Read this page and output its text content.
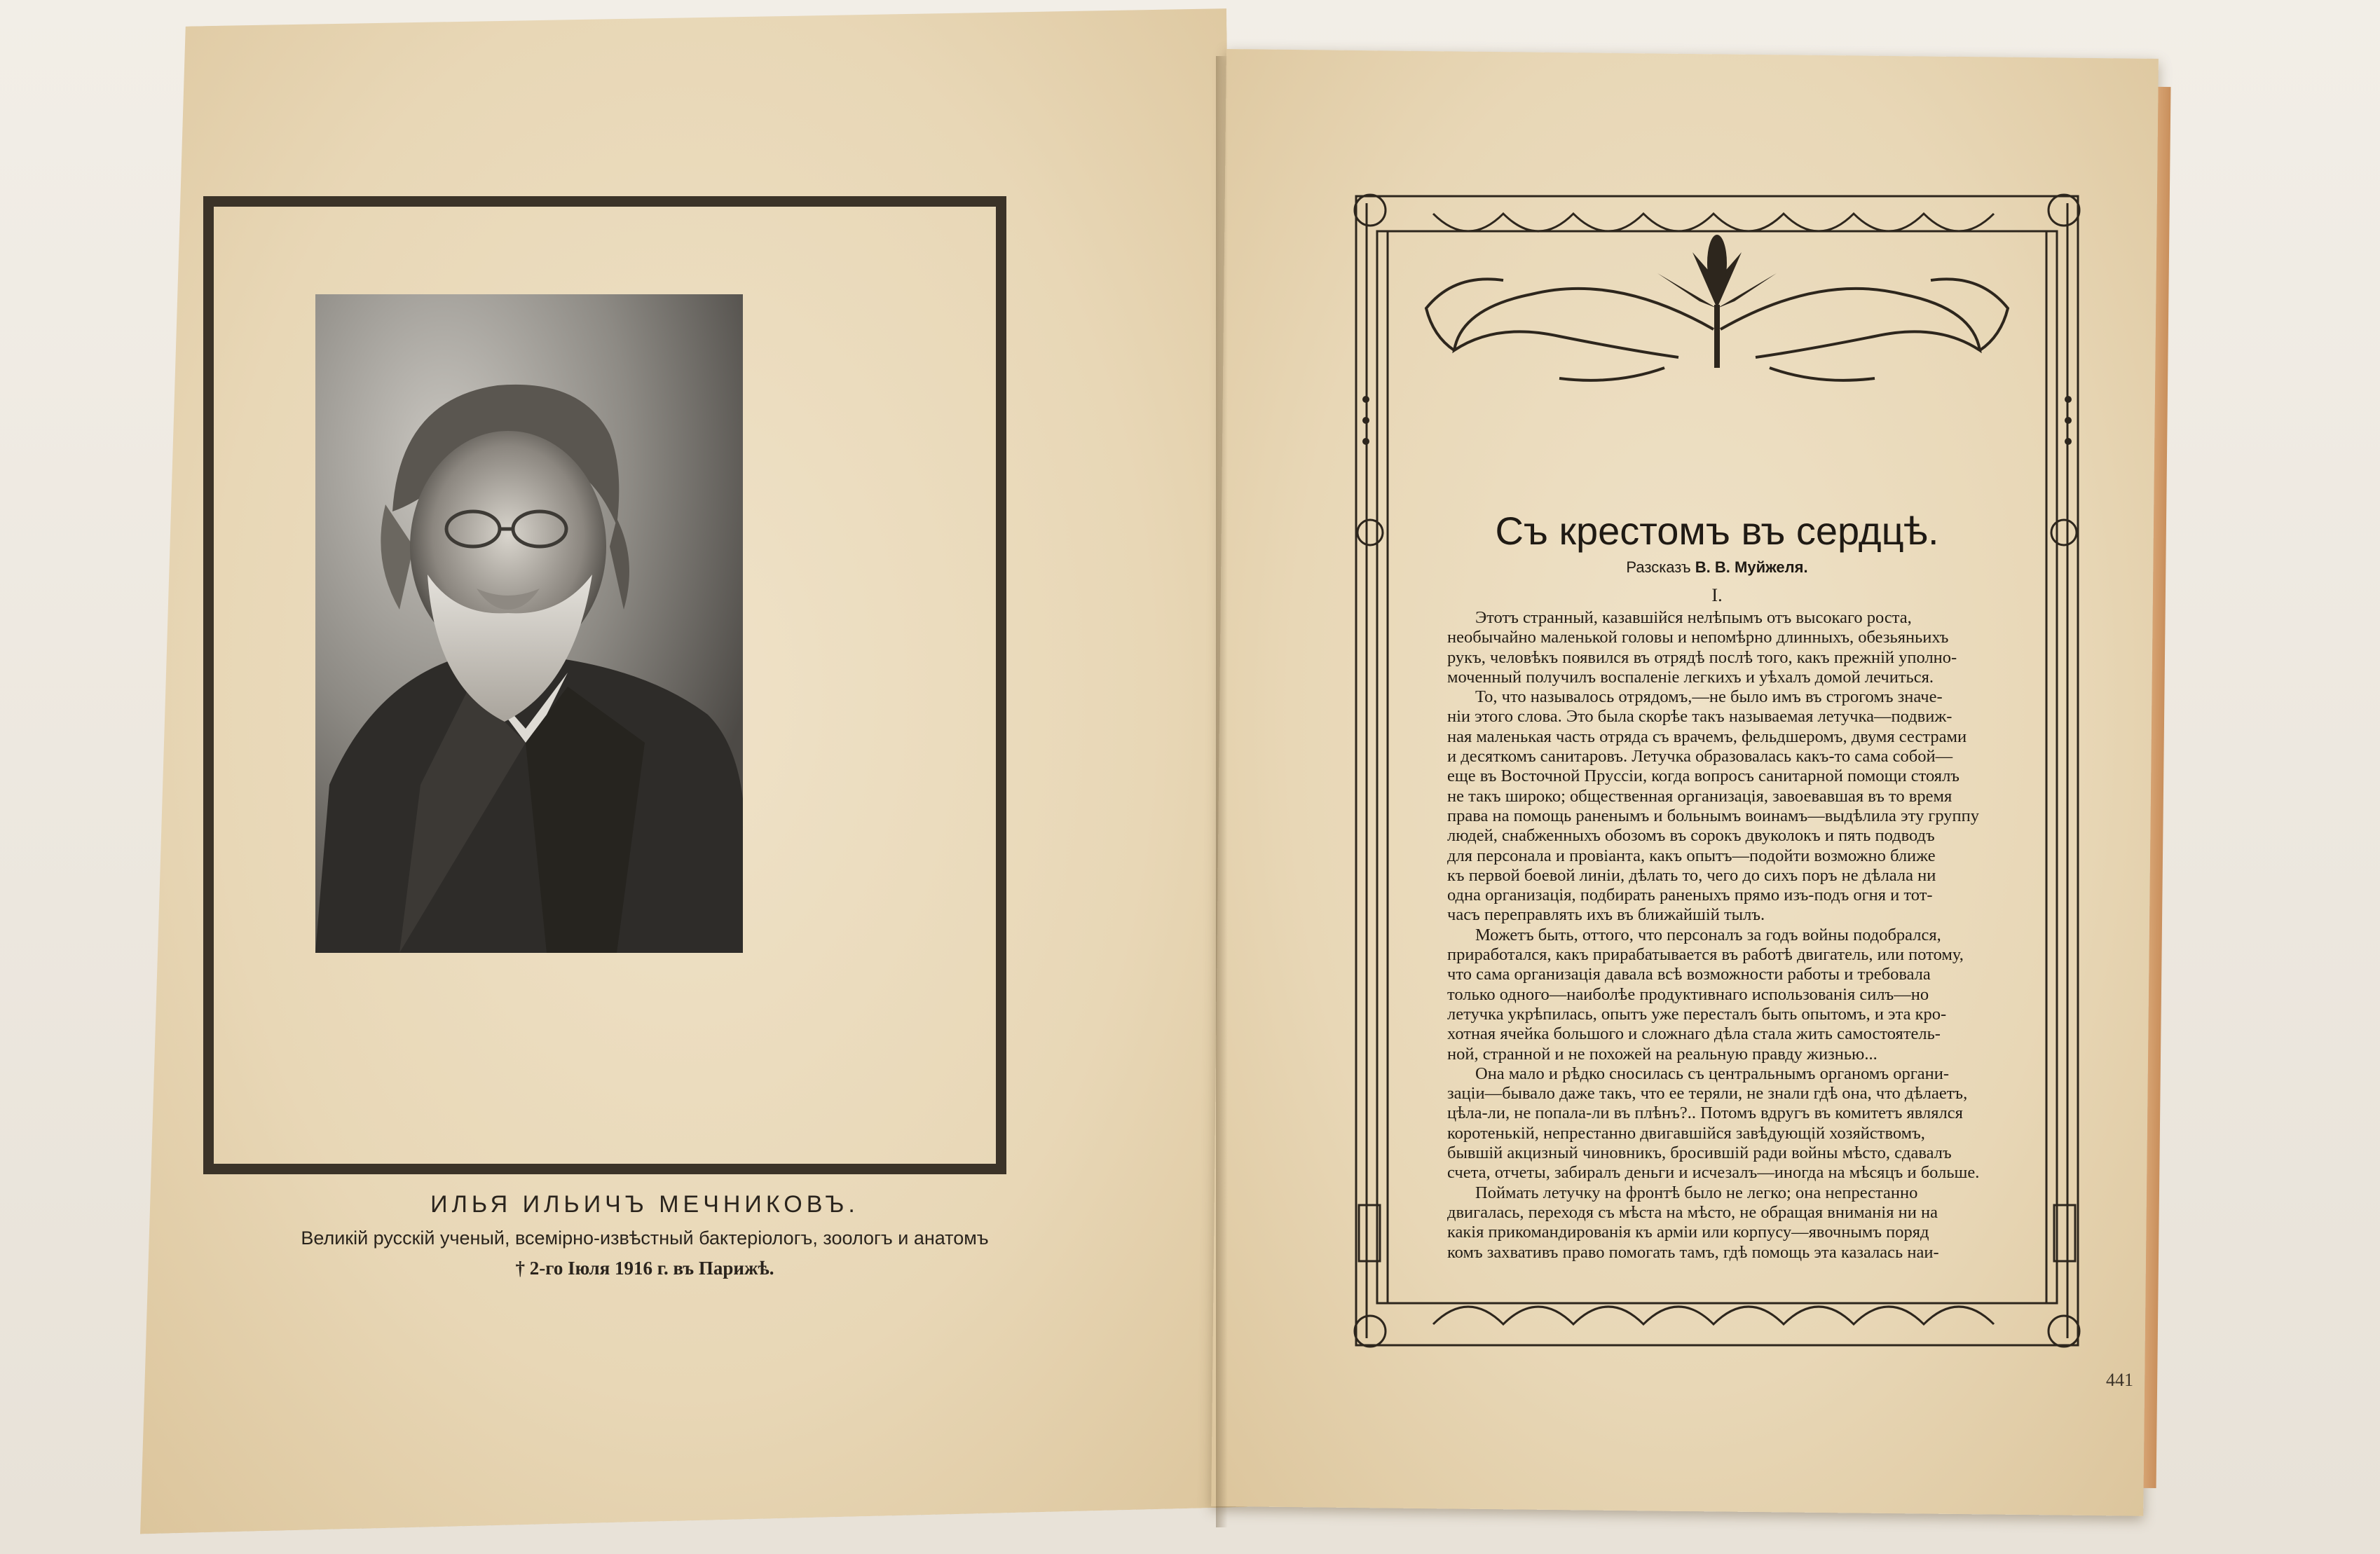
ИЛЬЯ ИЛЬИЧЪ МЕЧНИКОВЪ.
Великій русскій ученый, всемірно-извѣстный бактеріологъ, зоологъ и анатомъ
† 2-го Іюля 1916 г. въ Парижѣ.
Съ крестомъ въ сердцѣ.
Разсказъ В. В. Муйжеля.
I.
Этотъ странный, казавшійся нелѣпымъ отъ высокаго роста,
необычайно маленькой головы и непомѣрно длинныхъ, обезьяньихъ
рукъ, человѣкъ появился въ отрядѣ послѣ того, какъ прежній уполно-
моченный получилъ воспаленіе легкихъ и уѣхалъ домой лечиться.
То, что называлось отрядомъ,—не было имъ въ строгомъ значе-
ніи этого слова. Это была скорѣе такъ называемая летучка—подвиж-
ная маленькая часть отряда съ врачемъ, фельдшеромъ, двумя сестрами
и десяткомъ санитаровъ. Летучка образовалась какъ-то сама собой—
еще въ Восточной Пруссіи, когда вопросъ санитарной помощи стоялъ
не такъ широко; общественная организація, завоевавшая въ то время
права на помощь раненымъ и больнымъ воинамъ—выдѣлила эту группу
людей, снабженныхъ обозомъ въ сорокъ двуколокъ и пять подводъ
для персонала и провіанта, какъ опытъ—подойти возможно ближе
къ первой боевой линіи, дѣлать то, чего до сихъ поръ не дѣлала ни
одна организація, подбирать раненыхъ прямо изъ-подъ огня и тот-
часъ переправлять ихъ въ ближайшій тылъ.
Можетъ быть, оттого, что персоналъ за годъ войны подобрался,
приработался, какъ прирабатывается въ работѣ двигатель, или потому,
что сама организація давала всѣ возможности работы и требовала
только одного—наиболѣе продуктивнаго использованія силъ—но
летучка укрѣпилась, опытъ уже пересталъ быть опытомъ, и эта кро-
хотная ячейка большого и сложнаго дѣла стала жить самостоятель-
ной, странной и не похожей на реальную правду жизнью...
Она мало и рѣдко сносилась съ центральнымъ органомъ органи-
заціи—бывало даже такъ, что ее теряли, не знали гдѣ она, что дѣлаетъ,
цѣла-ли, не попала-ли въ плѣнъ?.. Потомъ вдругъ въ комитетъ являлся
коротенькій, непрестанно двигавшійся завѣдующій хозяйствомъ,
бывшій акцизный чиновникъ, бросившій ради войны мѣсто, сдавалъ
счета, отчеты, забиралъ деньги и исчезалъ—иногда на мѣсяцъ и больше.
Поймать летучку на фронтѣ было не легко; она непрестанно
двигалась, переходя съ мѣста на мѣсто, не обращая вниманія ни на
какія прикомандированія къ арміи или корпусу—явочнымъ поряд
комъ захвативъ право помогать тамъ, гдѣ помощь эта казалась наи-
441
